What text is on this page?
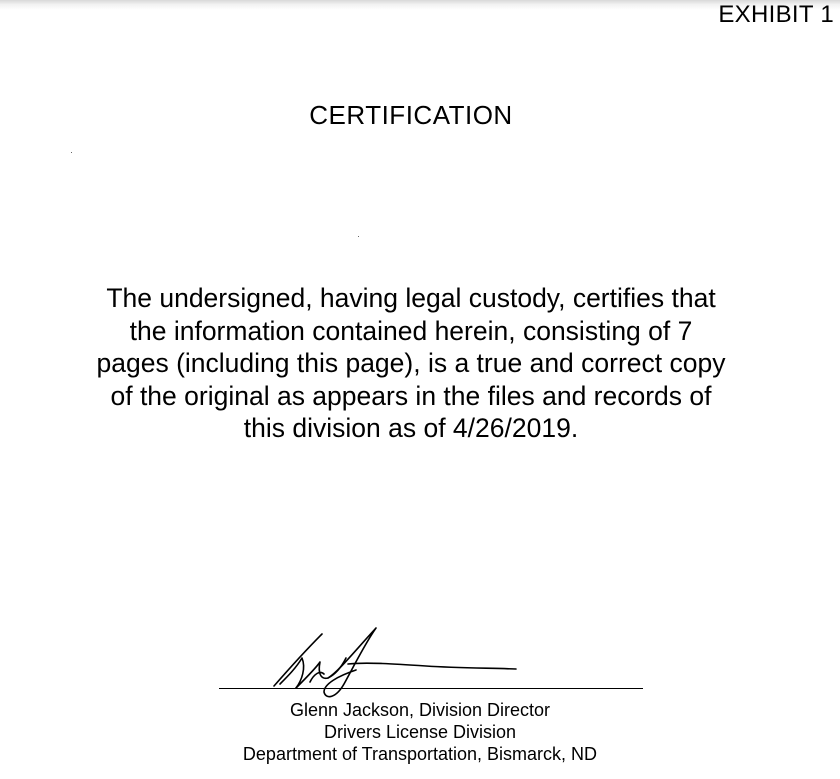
EXHIBIT 1
CERTIFICATION
The undersigned, having legal custody, certifies that
the information contained herein, consisting of 7
pages (including this page), is a true and correct copy
of the original as appears in the files and records of
this division as of 4/26/2019.
Glenn Jackson, Division Director
Drivers License Division
Department of Transportation, Bismarck, ND
